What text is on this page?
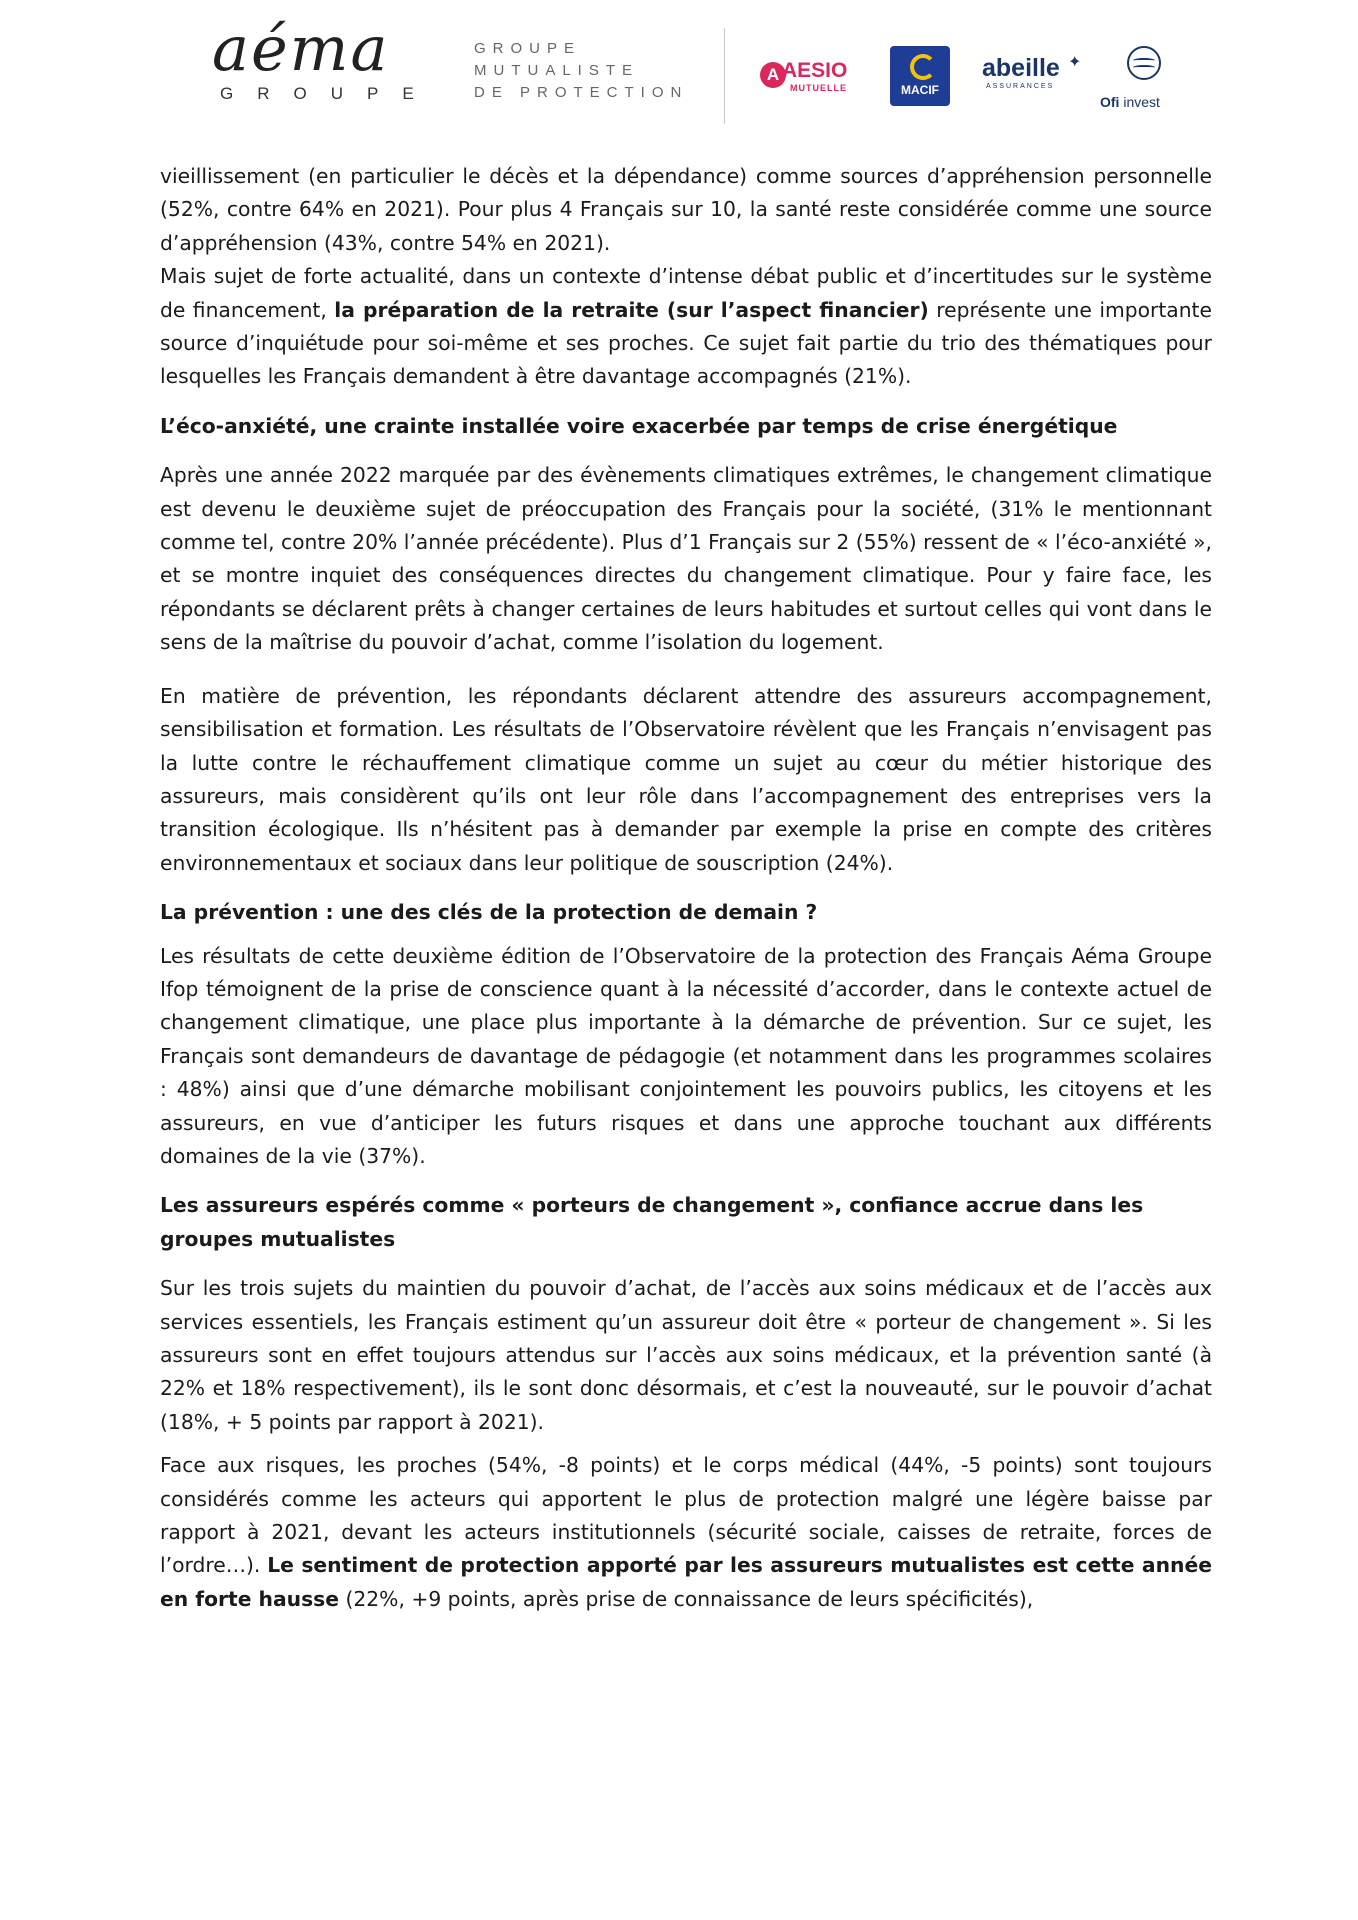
aéma
GROUPE
GROUPE
MUTUALISTE
DE PROTECTION
A AESIO
MUTUELLE	MACIF
abeille ✦
ASSURANCES
Ofi invest

vieillissement (en particulier le décès et la dépendance) comme sources d’appréhension personnelle (52%, contre 64% en 2021). Pour plus 4 Français sur 10, la santé reste considérée comme une source d’appréhension (43%, contre 54% en 2021).

Mais sujet de forte actualité, dans un contexte d’intense débat public et d’incertitudes sur le système de financement, la préparation de la retraite (sur l’aspect financier) représente une importante source d’inquiétude pour soi-même et ses proches. Ce sujet fait partie du trio des thématiques pour lesquelles les Français demandent à être davantage accompagnés (21%).

L’éco-anxiété, une crainte installée voire exacerbée par temps de crise énergétique

Après une année 2022 marquée par des évènements climatiques extrêmes, le changement climatique est devenu le deuxième sujet de préoccupation des Français pour la société, (31% le mentionnant comme tel, contre 20% l’année précédente). Plus d’1 Français sur 2 (55%) ressent de « l’éco-anxiété », et se montre inquiet des conséquences directes du changement climatique. Pour y faire face, les répondants se déclarent prêts à changer certaines de leurs habitudes et surtout celles qui vont dans le sens de la maîtrise du pouvoir d’achat, comme l’isolation du logement.

En matière de prévention, les répondants déclarent attendre des assureurs accompagnement, sensibilisation et formation. Les résultats de l’Observatoire révèlent que les Français n’envisagent pas la lutte contre le réchauffement climatique comme un sujet au cœur du métier historique des assureurs, mais considèrent qu’ils ont leur rôle dans l’accompagnement des entreprises vers la transition écologique. Ils n’hésitent pas à demander par exemple la prise en compte des critères environnementaux et sociaux dans leur politique de souscription (24%).

La prévention : une des clés de la protection de demain ?

Les résultats de cette deuxième édition de l’Observatoire de la protection des Français Aéma Groupe Ifop témoignent de la prise de conscience quant à la nécessité d’accorder, dans le contexte actuel de changement climatique, une place plus importante à la démarche de prévention. Sur ce sujet, les Français sont demandeurs de davantage de pédagogie (et notamment dans les programmes scolaires : 48%) ainsi que d’une démarche mobilisant conjointement les pouvoirs publics, les citoyens et les assureurs, en vue d’anticiper les futurs risques et dans une approche touchant aux différents domaines de la vie (37%).

Les assureurs espérés comme « porteurs de changement », confiance accrue dans les groupes mutualistes

Sur les trois sujets du maintien du pouvoir d’achat, de l’accès aux soins médicaux et de l’accès aux services essentiels, les Français estiment qu’un assureur doit être « porteur de changement ». Si les assureurs sont en effet toujours attendus sur l’accès aux soins médicaux, et la prévention santé (à 22% et 18% respectivement), ils le sont donc désormais, et c’est la nouveauté, sur le pouvoir d’achat (18%, + 5 points par rapport à 2021).

Face aux risques, les proches (54%, -8 points) et le corps médical (44%, -5 points) sont toujours considérés comme les acteurs qui apportent le plus de protection malgré une légère baisse par rapport à 2021, devant les acteurs institutionnels (sécurité sociale, caisses de retraite, forces de l’ordre…). Le sentiment de protection apporté par les assureurs mutualistes est cette année en forte hausse (22%, +9 points, après prise de connaissance de leurs spécificités),
